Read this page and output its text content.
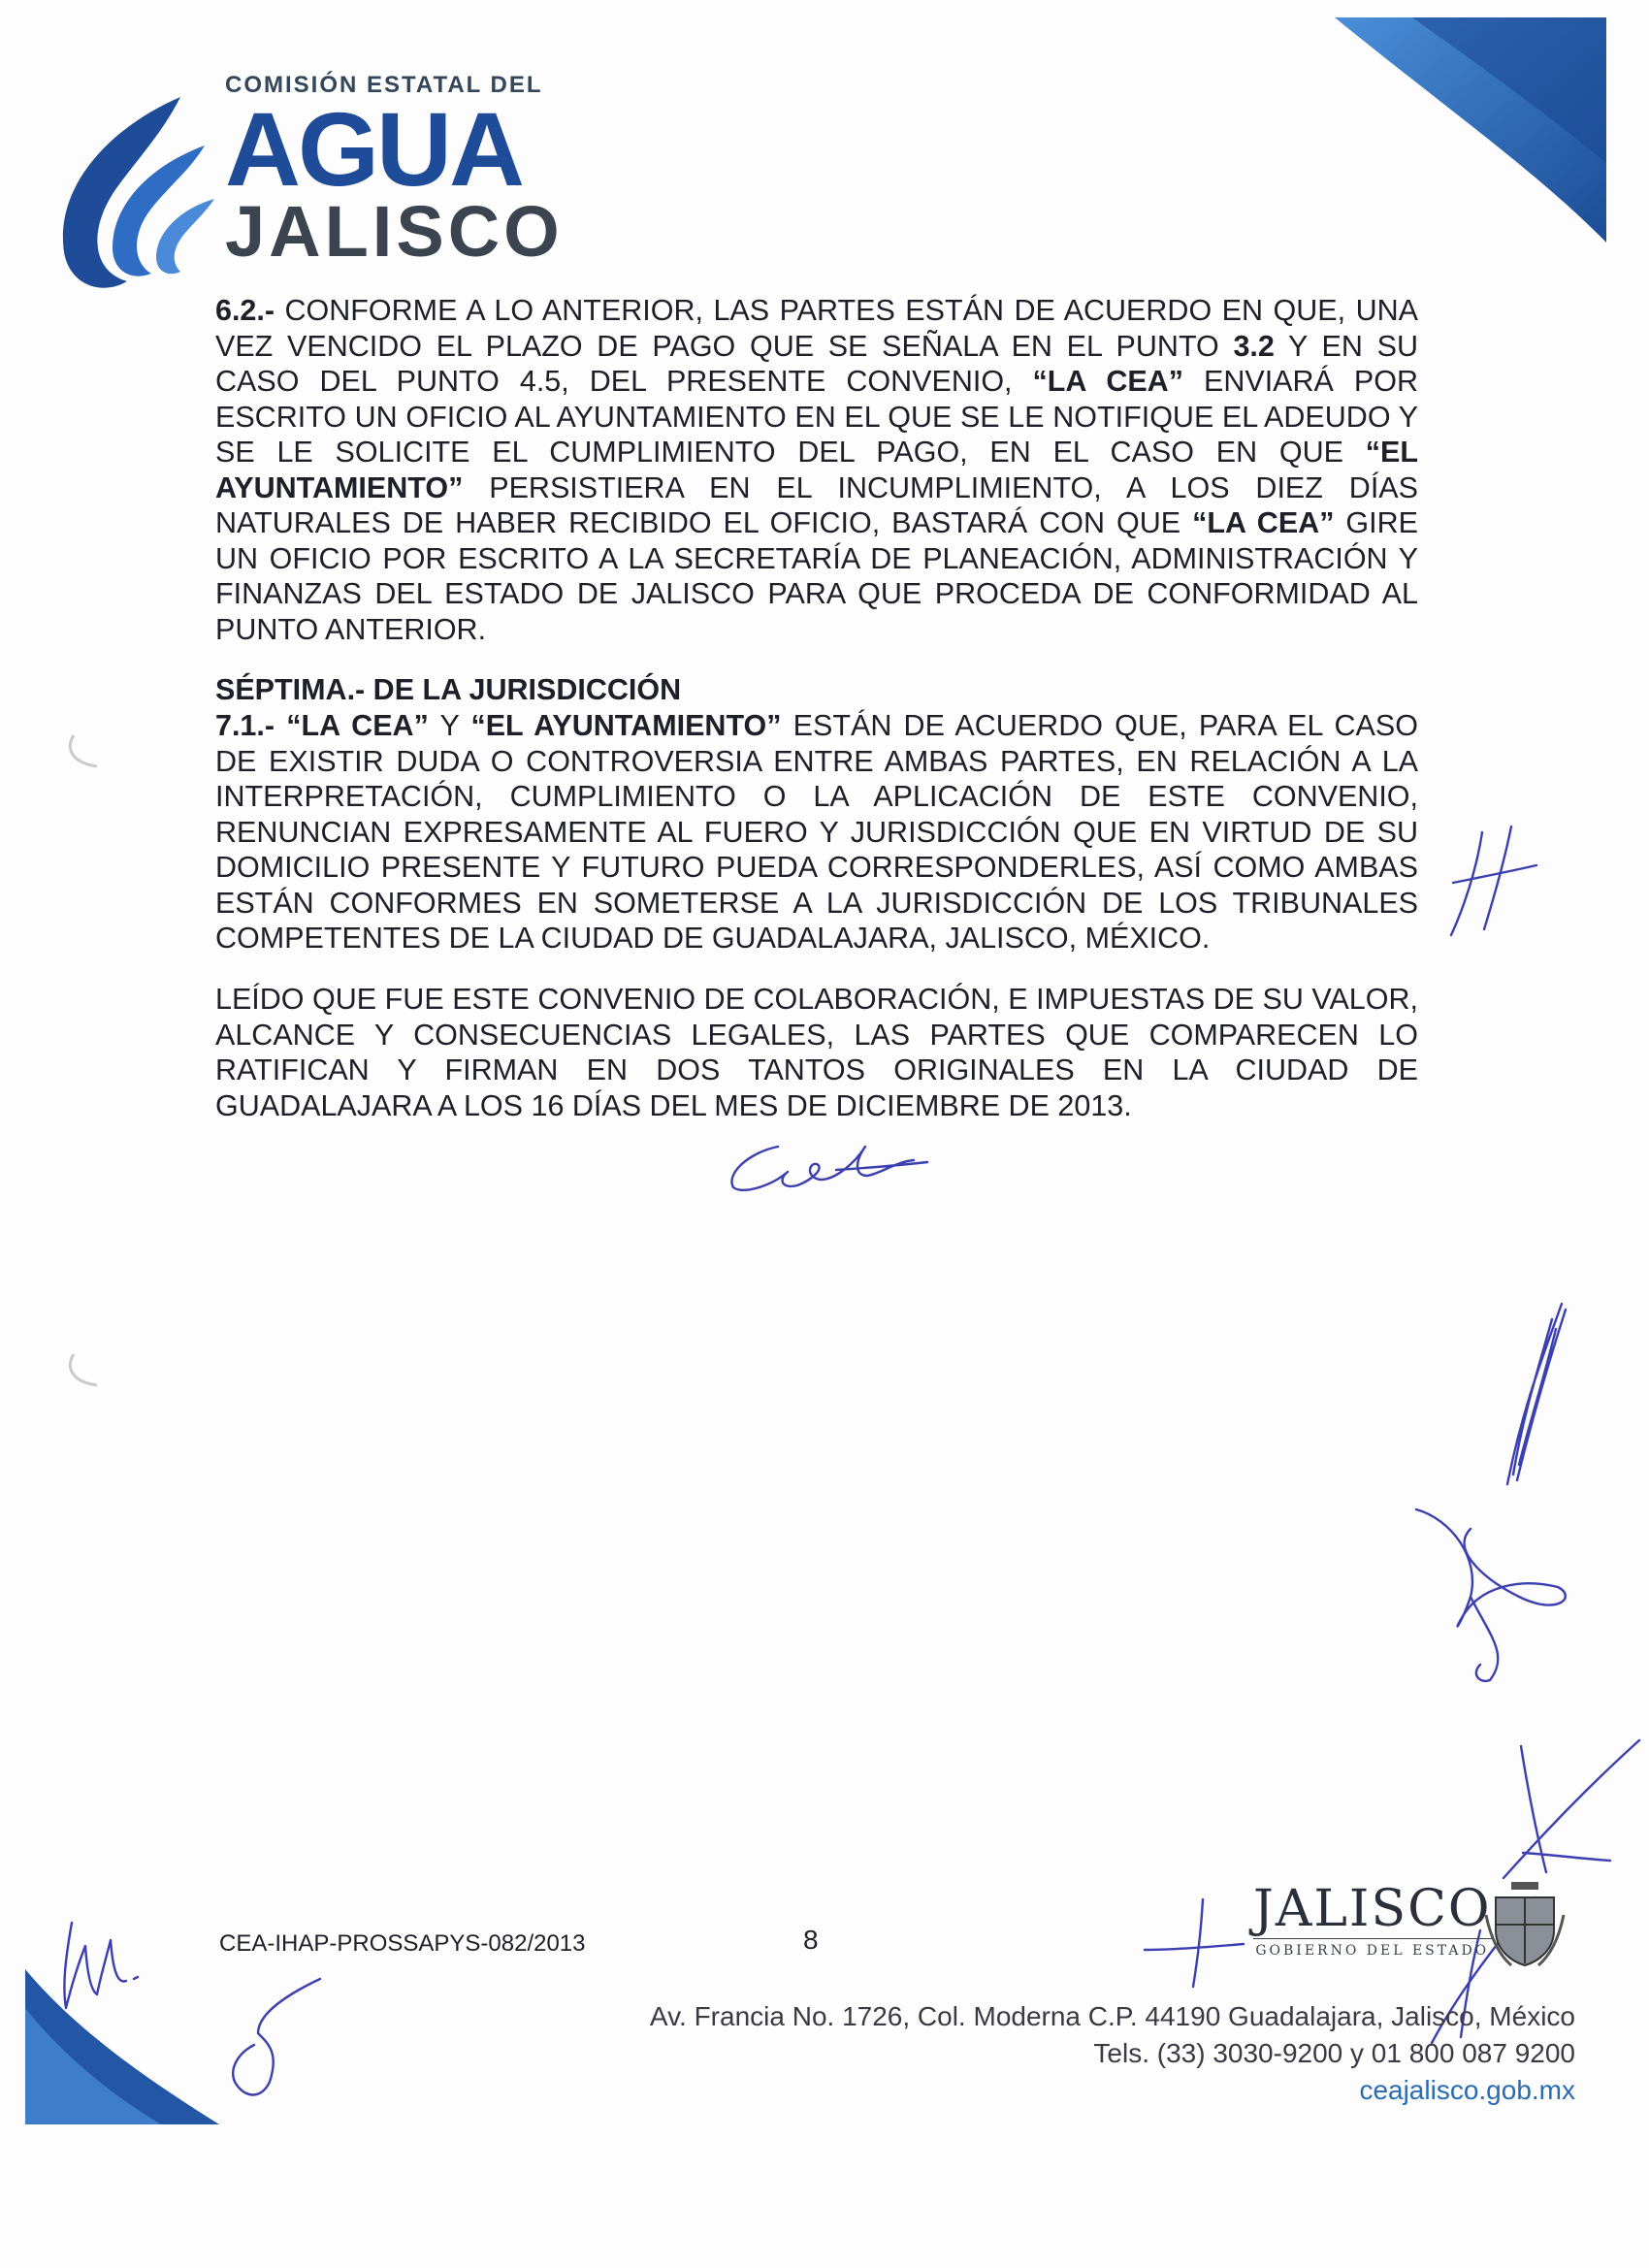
COMISIÓN ESTATAL DEL
AGUA
JALISCO
6.2.- CONFORME A LO ANTERIOR, LAS PARTES ESTÁN DE ACUERDO EN QUE, UNA VEZ VENCIDO EL PLAZO DE PAGO QUE SE SEÑALA EN EL PUNTO 3.2 Y EN SU CASO DEL PUNTO 4.5, DEL PRESENTE CONVENIO, “LA CEA” ENVIARÁ POR ESCRITO UN OFICIO AL AYUNTAMIENTO EN EL QUE SE LE NOTIFIQUE EL ADEUDO Y SE LE SOLICITE EL CUMPLIMIENTO DEL PAGO, EN EL CASO EN QUE “EL AYUNTAMIENTO” PERSISTIERA EN EL INCUMPLIMIENTO, A LOS DIEZ DÍAS NATURALES DE HABER RECIBIDO EL OFICIO, BASTARÁ CON QUE “LA CEA” GIRE UN OFICIO POR ESCRITO A LA SECRETARÍA DE PLANEACIÓN, ADMINISTRACIÓN Y FINANZAS DEL ESTADO DE JALISCO PARA QUE PROCEDA DE CONFORMIDAD AL PUNTO ANTERIOR.
SÉPTIMA.- DE LA JURISDICCIÓN
7.1.- “LA CEA” Y “EL AYUNTAMIENTO” ESTÁN DE ACUERDO QUE, PARA EL CASO DE EXISTIR DUDA O CONTROVERSIA ENTRE AMBAS PARTES, EN RELACIÓN A LA INTERPRETACIÓN, CUMPLIMIENTO O LA APLICACIÓN DE ESTE CONVENIO, RENUNCIAN EXPRESAMENTE AL FUERO Y JURISDICCIÓN QUE EN VIRTUD DE SU DOMICILIO PRESENTE Y FUTURO PUEDA CORRESPONDERLES, ASÍ COMO AMBAS ESTÁN CONFORMES EN SOMETERSE A LA JURISDICCIÓN DE LOS TRIBUNALES COMPETENTES DE LA CIUDAD DE GUADALAJARA, JALISCO, MÉXICO.
LEÍDO QUE FUE ESTE CONVENIO DE COLABORACIÓN, E IMPUESTAS DE SU VALOR, ALCANCE Y CONSECUENCIAS LEGALES, LAS PARTES QUE COMPARECEN LO RATIFICAN Y FIRMAN EN DOS TANTOS ORIGINALES EN LA CIUDAD DE GUADALAJARA A LOS 16 DÍAS DEL MES DE DICIEMBRE DE 2013.
CEA-IHAP-PROSSAPYS-082/2013	8
JALISCO
GOBIERNO DEL ESTADO
Av. Francia No. 1726, Col. Moderna C.P. 44190 Guadalajara, Jalisco, México
Tels. (33) 3030-9200 y 01 800 087 9200
ceajalisco.gob.mx
